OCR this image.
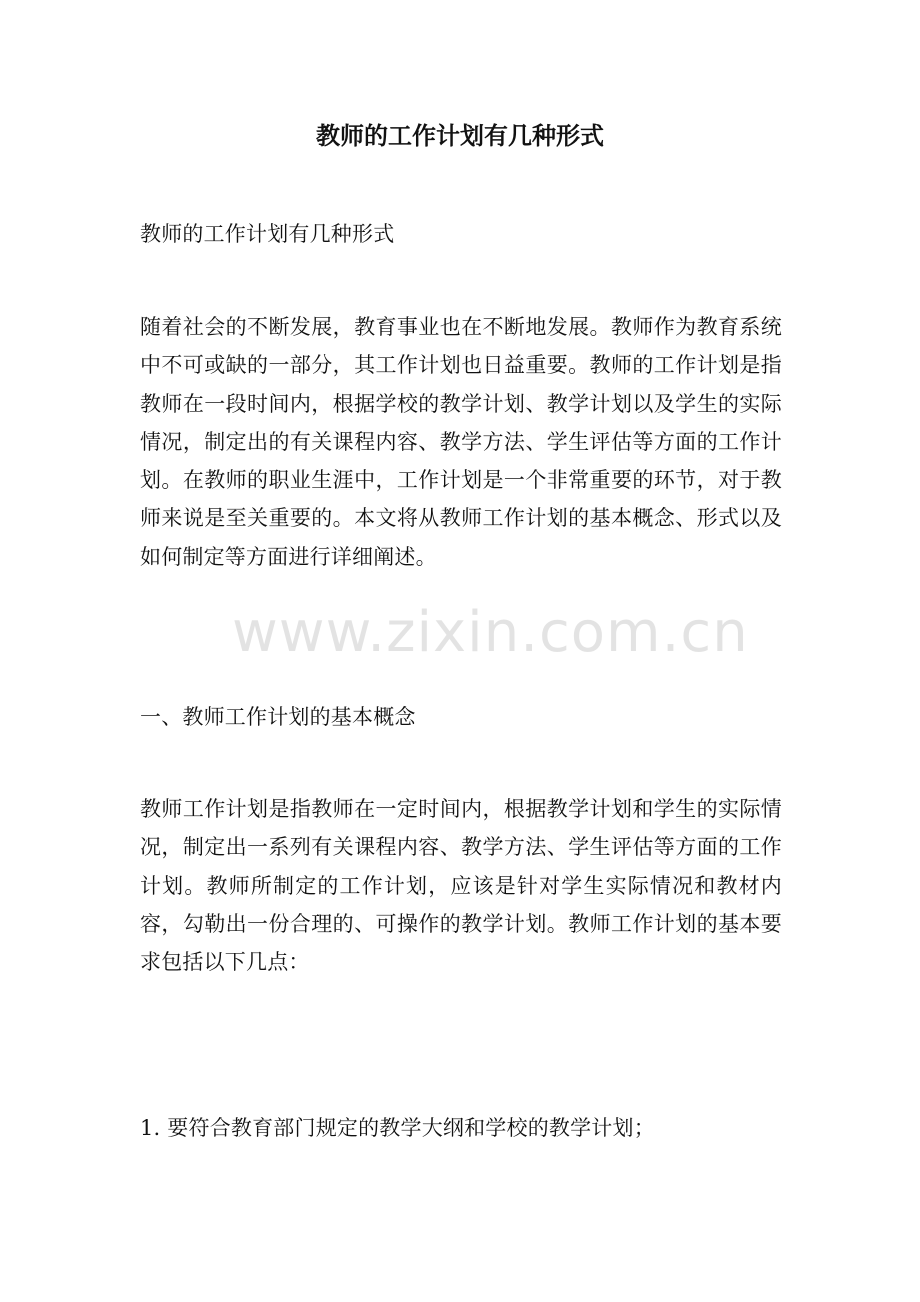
教师的工作计划有几种形式

教师的工作计划有几种形式

随着社会的不断发展，教育事业也在不断地发展。教师作为教育系统中不可或缺的一部分，其工作计划也日益重要。教师的工作计划是指教师在一段时间内，根据学校的教学计划、教学计划以及学生的实际情况，制定出的有关课程内容、教学方法、学生评估等方面的工作计划。在教师的职业生涯中，工作计划是一个非常重要的环节，对于教师来说是至关重要的。本文将从教师工作计划的基本概念、形式以及如何制定等方面进行详细阐述。

一、教师工作计划的基本概念

教师工作计划是指教师在一定时间内，根据教学计划和学生的实际情况，制定出一系列有关课程内容、教学方法、学生评估等方面的工作计划。教师所制定的工作计划，应该是针对学生实际情况和教材内容，勾勒出一份合理的、可操作的教学计划。教师工作计划的基本要求包括以下几点：

1. 要符合教育部门规定的教学大纲和学校的教学计划；

www.zixin.com.cn
